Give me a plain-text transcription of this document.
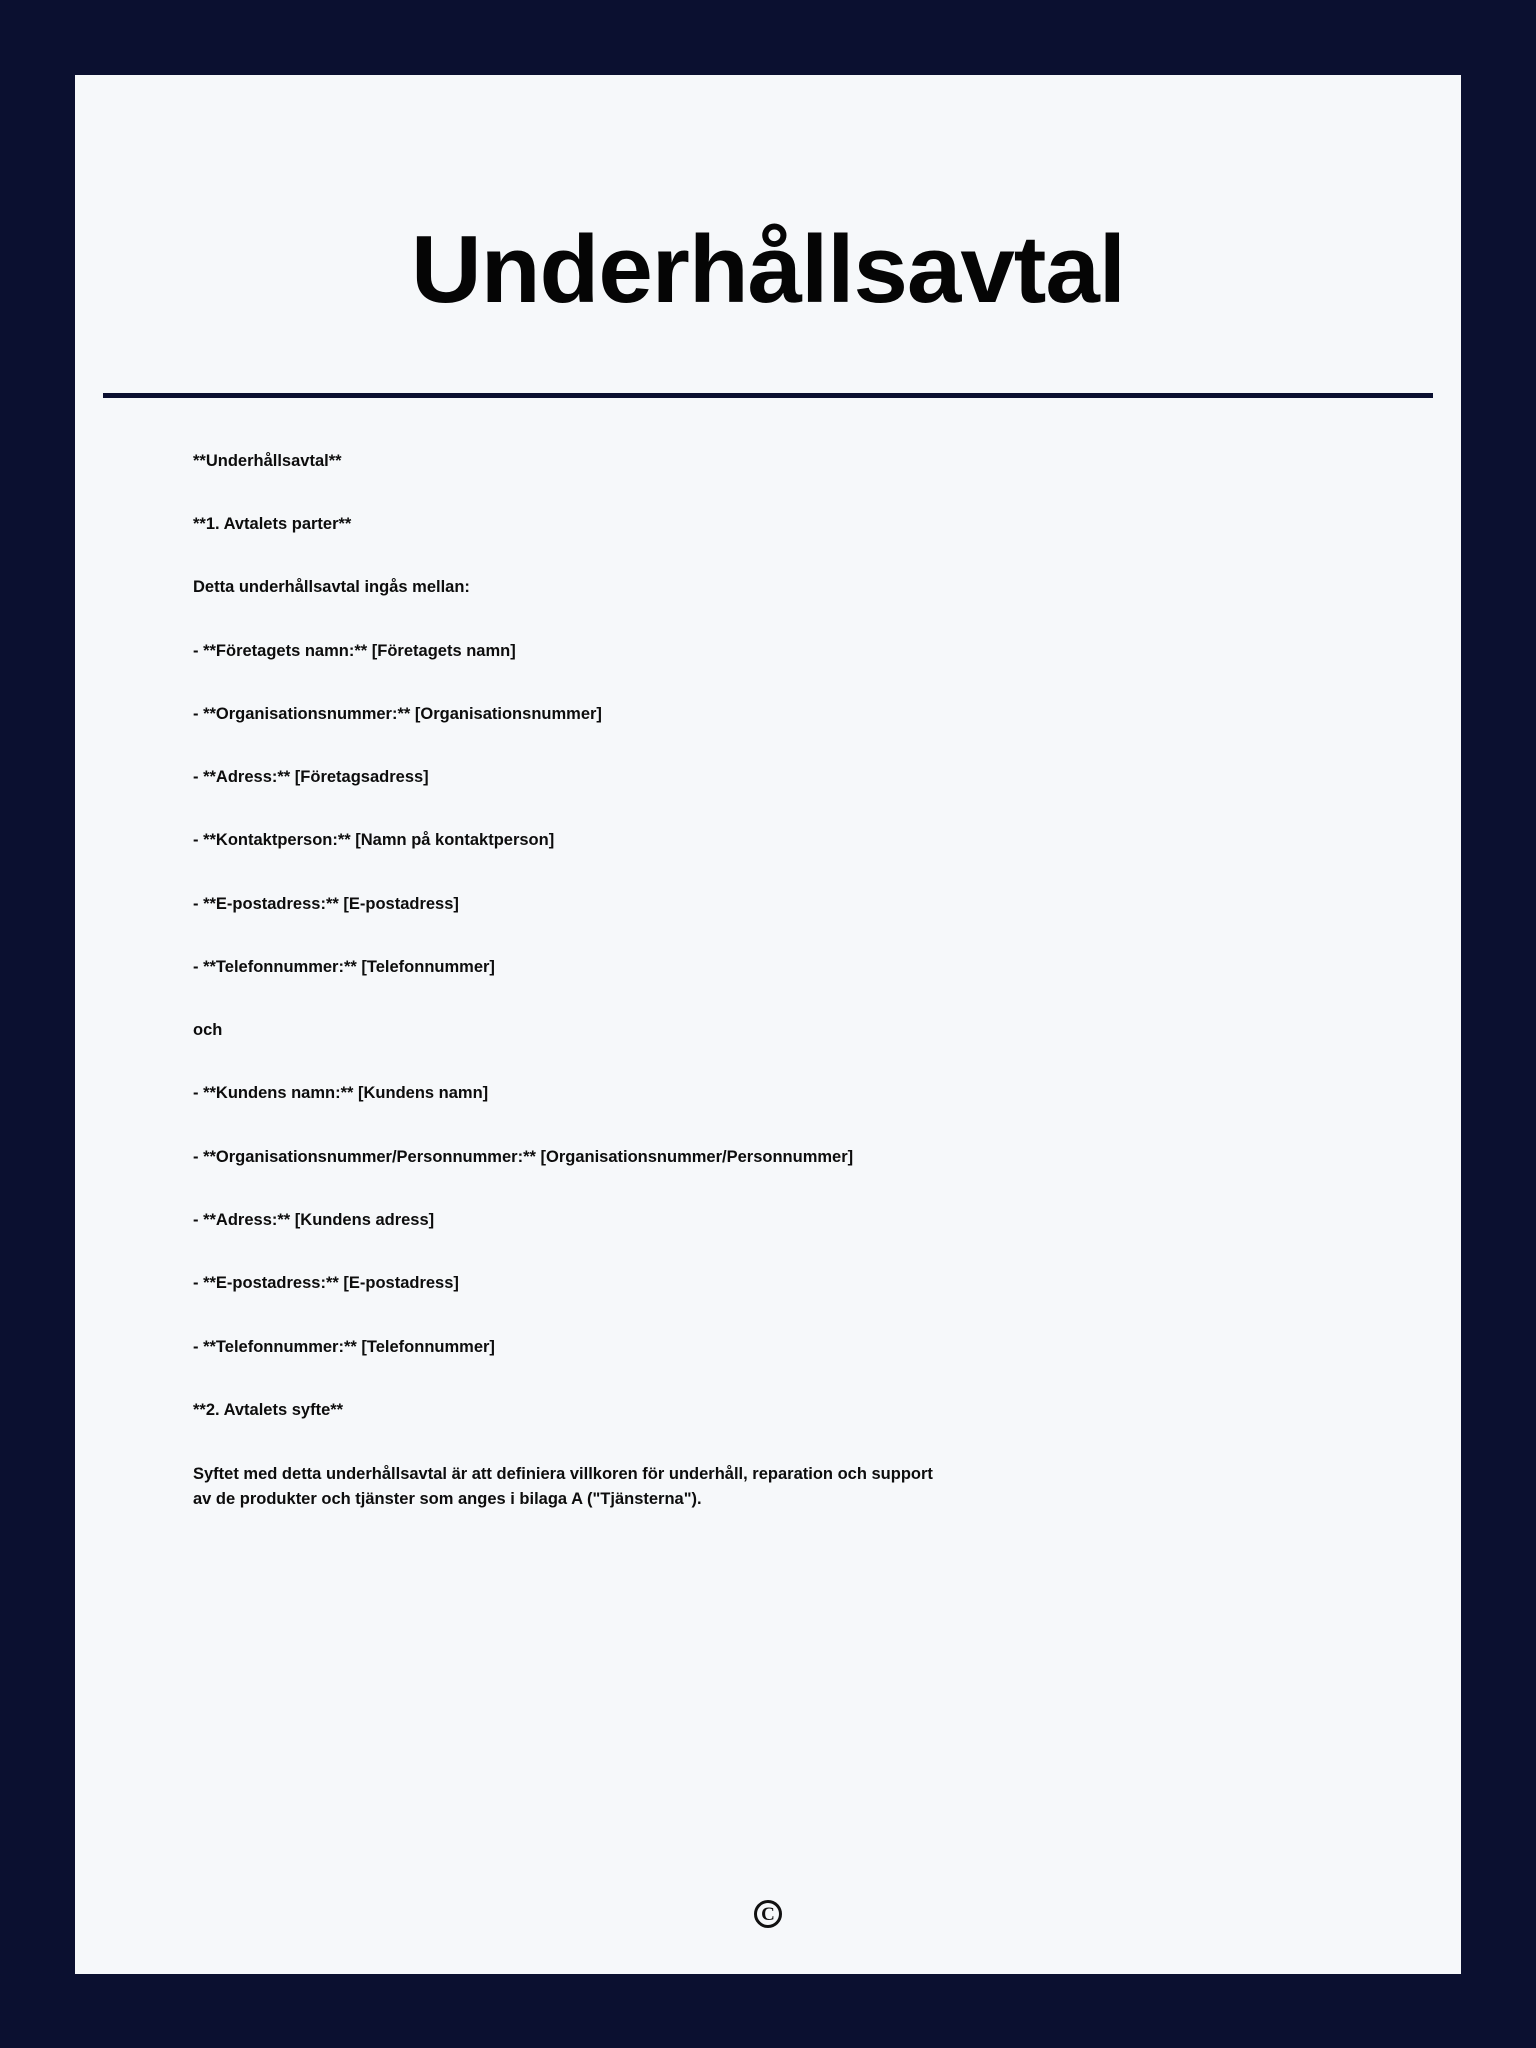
Underhållsavtal

**Underhållsavtal**

**1. Avtalets parter**

Detta underhållsavtal ingås mellan:

- **Företagets namn:** [Företagets namn]

- **Organisationsnummer:** [Organisationsnummer]

- **Adress:** [Företagsadress]

- **Kontaktperson:** [Namn på kontaktperson]

- **E-postadress:** [E-postadress]

- **Telefonnummer:** [Telefonnummer]

och

- **Kundens namn:** [Kundens namn]

- **Organisationsnummer/Personnummer:** [Organisationsnummer/Personnummer]

- **Adress:** [Kundens adress]

- **E-postadress:** [E-postadress]

- **Telefonnummer:** [Telefonnummer]

**2. Avtalets syfte**

Syftet med detta underhållsavtal är att definiera villkoren för underhåll, reparation och support av de produkter och tjänster som anges i bilaga A ("Tjänsterna").

C
